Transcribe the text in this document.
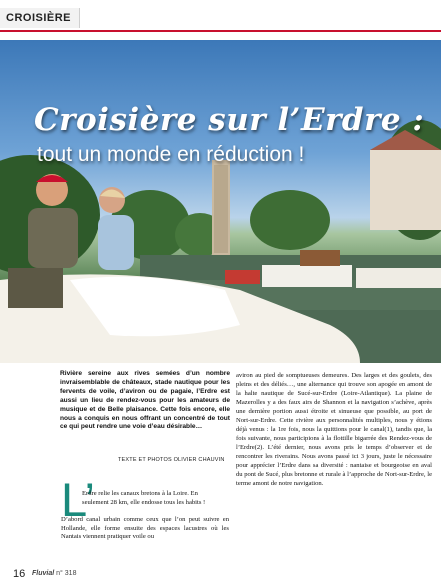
CROISIÈRE
Croisière sur l’Erdre :
tout un monde en réduction !
Rivière sereine aux rives semées d’un nombre invraisemblable de châteaux, stade nautique pour les fervents de voile, d’aviron ou de pagaie, l’Erdre est aussi un lieu de rendez-vous pour les amateurs de musique et de Belle plaisance. Cette fois encore, elle nous a conquis en nous offrant un concentré de tout ce qui peut rendre une voie d’eau désirable…
TEXTE ET PHOTOS OLIVIER CHAUVIN
L’
Erdre relie les canaux bretons à la Loire. En
seulement 28 km, elle endosse tous les habits !
D’abord canal urbain comme ceux que l’on peut suivre en Hollande, elle forme ensuite des espaces lacustres où les Nantais viennent pratiquer voile ou
aviron au pied de somptueuses demeures. Des larges et des goulets, des pleins et des déliés…, une alternance qui trouve son apogée en amont de la halte nautique de Sucé-sur-Erdre (Loire-Atlantique). La plaine de Mazerolles y a des faux airs de Shannon et la navigation s’achève, après une dernière portion aussi étroite et sinueuse que possible, au port de Nort-sur-Erdre. Cette rivière aux personnalités multiples, nous y étions déjà venus : la 1re fois, nous la quittions pour le canal(1), tandis que, la fois suivante, nous participions à la flottille bigarrée des Rendez-vous de l’Erdre(2). L’été dernier, nous avons pris le temps d’observer et de rencontrer les riverains. Nous avons passé ici 3 jours, juste le nécessaire pour apprécier l’Erdre dans sa diversité : nantaise et bourgeoise en aval du pont de Sucé, plus bretonne et rurale à l’approche de Nort-sur-Erdre, le terme amont de notre navigation.
16 Fluvial n° 318
